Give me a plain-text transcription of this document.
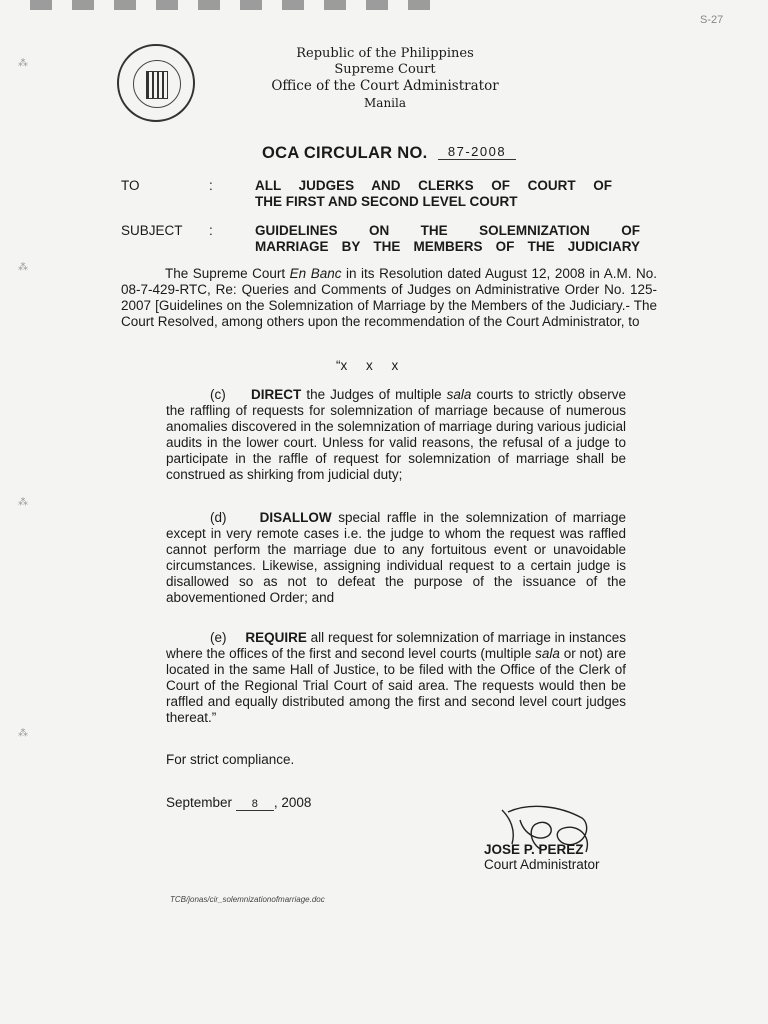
S-27
⁂
⁂
⁂
⁂
Republic of the Philippines
Supreme Court
Office of the Court Administrator
Manila
OCA CIRCULAR NO.	87-2008
TO	:	ALL JUDGES AND CLERKS OF COURT OF
THE FIRST AND SECOND LEVEL COURT
SUBJECT :	GUIDELINES ON THE SOLEMNIZATION OF
MARRIAGE BY THE MEMBERS OF THE JUDICIARY
The Supreme Court En Banc in its Resolution dated August 12, 2008 in A.M. No. 08-7-429-RTC, Re: Queries and Comments of Judges on Administrative Order No. 125-2007 [Guidelines on the Solemnization of Marriage by the Members of the Judiciary.- The Court Resolved, among others upon the recommendation of the Court Administrator, to
“x     x     x
(c) DIRECT the Judges of multiple sala courts to strictly observe the raffling of requests for solemnization of marriage because of numerous anomalies discovered in the solemnization of marriage during various judicial audits in the lower court. Unless for valid reasons, the refusal of a judge to participate in the raffle of request for solemnization of marriage shall be construed as shirking from judicial duty;
(d) DISALLOW special raffle in the solemnization of marriage except in very remote cases i.e. the judge to whom the request was raffled cannot perform the marriage due to any fortuitous event or unavoidable circumstances. Likewise, assigning individual request to a certain judge is disallowed so as not to defeat the purpose of the issuance of the abovementioned Order; and
(e) REQUIRE all request for solemnization of marriage in instances where the offices of the first and second level courts (multiple sala or not) are located in the same Hall of Justice, to be filed with the Office of the Clerk of Court of the Regional Trial Court of said area. The requests would then be raffled and equally distributed among the first and second level court judges thereat.”
For strict compliance.
September 8 , 2008
JOSE P. PEREZ
Court Administrator
TCB/jonas/cir_solemnizationofmarriage.doc
